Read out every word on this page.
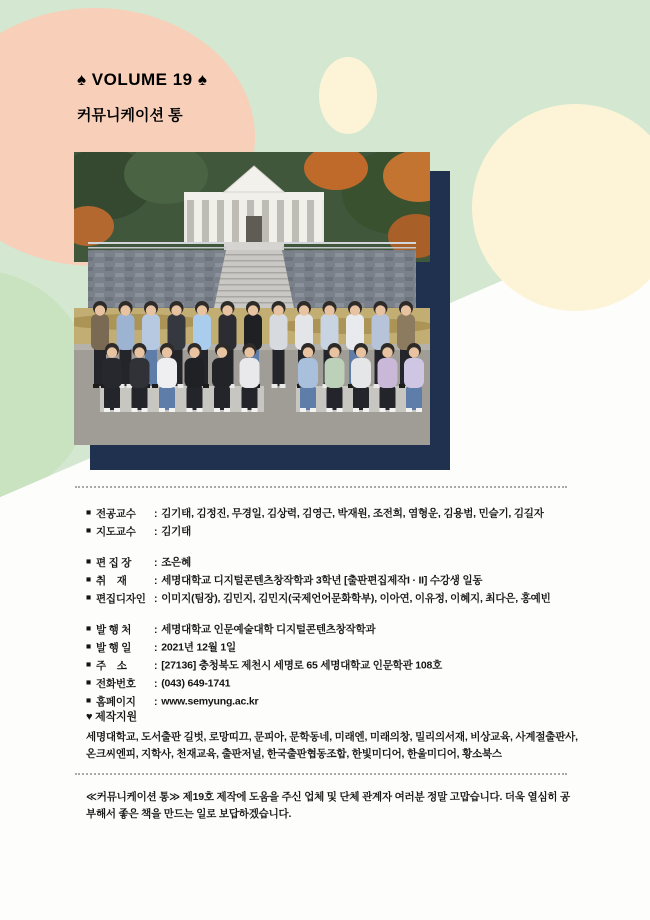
♠ VOLUME 19 ♠
커뮤니케이션 통
■ 전공교수 : 김기태, 김정진, 무경일, 김상력, 김영근, 박재원, 조전희, 염형운, 김용범, 민슬기, 김길자
■ 지도교수 : 김기태
■ 편 집 장 : 조은혜
■ 취    재	: 세명대학교 디지털콘텐츠창작학과 3학년 [출판편집제작I · II] 수강생 일동
■ 편집디자인 : 이미지(팀장), 김민지, 김민지(국제언어문화학부), 이아연, 이유정, 이혜지, 최다은, 홍예빈
■ 발 행 처 : 세명대학교 인문예술대학 디지털콘텐츠창작학과
■ 발 행 일 : 2021년 12월 1일
■ 주    소	: [27136] 충청북도 제천시 세명로 65 세명대학교 인문학관 108호
■ 전화번호 : (043) 649-1741
■ 홈페이지 : www.semyung.ac.kr
♥ 제작지원
세명대학교, 도서출판 길벗, 로망띠끄, 문피아, 문학동네, 미래엔, 미래의창, 밀리의서재, 비상교육, 사계절출판사, 온크씨엔피, 지학사, 천재교육, 출판저널, 한국출판협동조합, 한빛미디어, 한울미디어, 황소북스
≪커뮤니케이션 통≫ 제19호 제작에 도움을 주신 업체 및 단체 관계자 여러분 정말 고맙습니다. 더욱 열심히 공부해서 좋은 책을 만드는 일로 보답하겠습니다.
